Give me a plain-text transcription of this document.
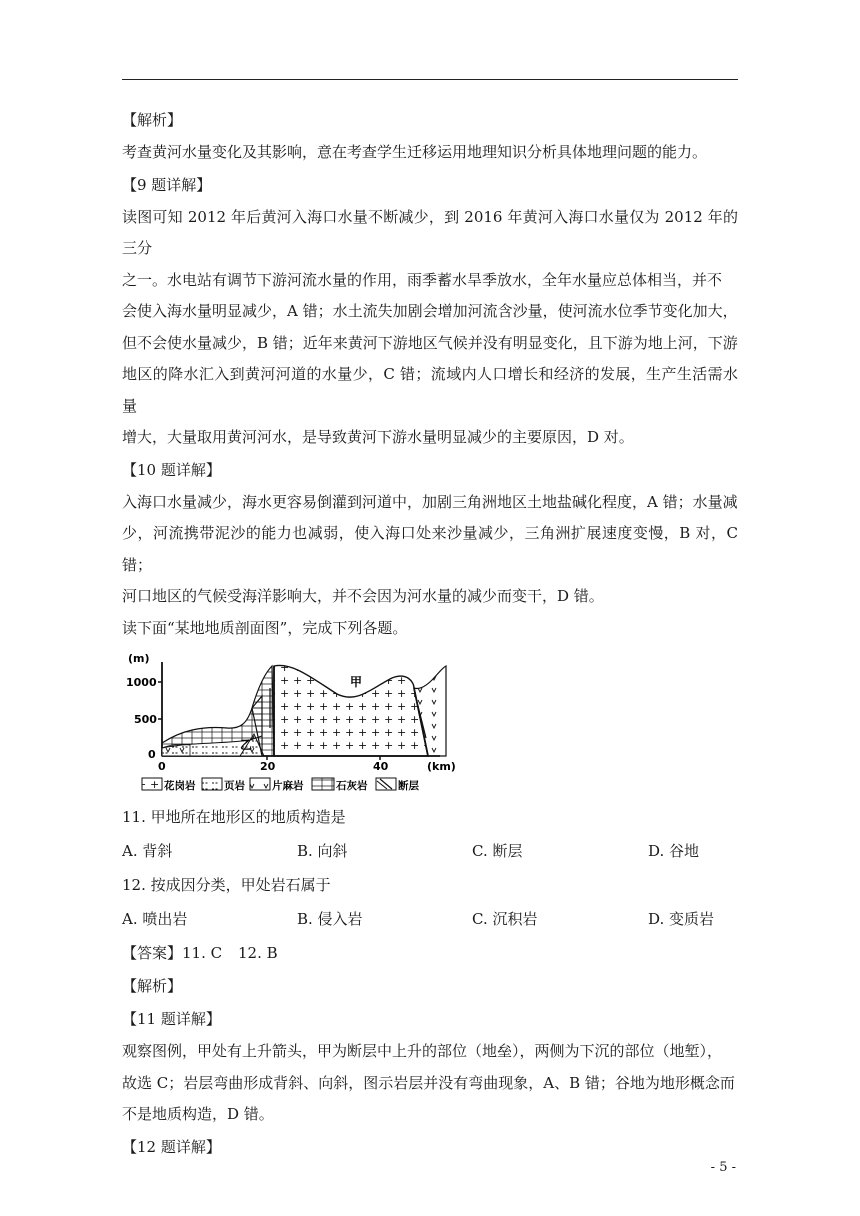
【解析】

考查黄河水量变化及其影响，意在考查学生迁移运用地理知识分析具体地理问题的能力。

【9 题详解】

读图可知 2012 年后黄河入海口水量不断减少，到 2016 年黄河入海口水量仅为 2012 年的三分

之一。水电站有调节下游河流水量的作用，雨季蓄水旱季放水，全年水量应总体相当，并不

会使入海水量明显减少，A 错；水土流失加剧会增加河流含沙量，使河流水位季节变化加大，

但不会使水量减少，B 错；近年来黄河下游地区气候并没有明显变化，且下游为地上河，下游

地区的降水汇入到黄河河道的水量少，C 错；流域内人口增长和经济的发展，生产生活需水量

增大，大量取用黄河河水，是导致黄河下游水量明显减少的主要原因，D 对。

【10 题详解】

入海口水量减少，海水更容易倒灌到河道中，加剧三角洲地区土地盐碱化程度，A 错；水量减

少，河流携带泥沙的能力也减弱，使入海口处来沙量减少，三角洲扩展速度变慢，B 对，C 错；

河口地区的气候受海洋影响大，并不会因为河水量的减少而变干，D 错。

读下面“某地地质剖面图”，完成下列各题。

(m)
1000
500
0
0	20	40	(km)
乙
甲
花岗岩	页岩	片麻岩	石灰岩	断层

11. 甲地所在地形区的地质构造是

A. 背斜	B. 向斜	C. 断层	D. 谷地

12. 按成因分类，甲处岩石属于

A. 喷出岩	B. 侵入岩	C. 沉积岩	D. 变质岩

【答案】11. C 12. B

【解析】

【11 题详解】

观察图例，甲处有上升箭头，甲为断层中上升的部位（地垒），两侧为下沉的部位（地堑），

故选 C；岩层弯曲形成背斜、向斜，图示岩层并没有弯曲现象，A、B 错；谷地为地形概念而

不是地质构造，D 错。

【12 题详解】

- 5 -
